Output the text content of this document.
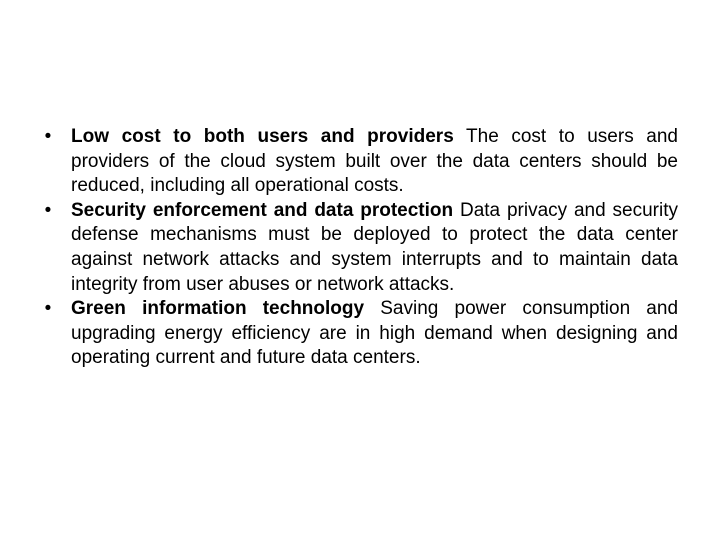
•	Low cost to both users and providers The cost to users and providers of the cloud system built over the data centers should be reduced, including all operational costs.
•	Security enforcement and data protection Data privacy and security defense mechanisms must be deployed to protect the data center against network attacks and system interrupts and to maintain data integrity from user abuses or network attacks.
•	Green information technology Saving power consumption and upgrading energy efficiency are in high demand when designing and operating current and future data centers.
